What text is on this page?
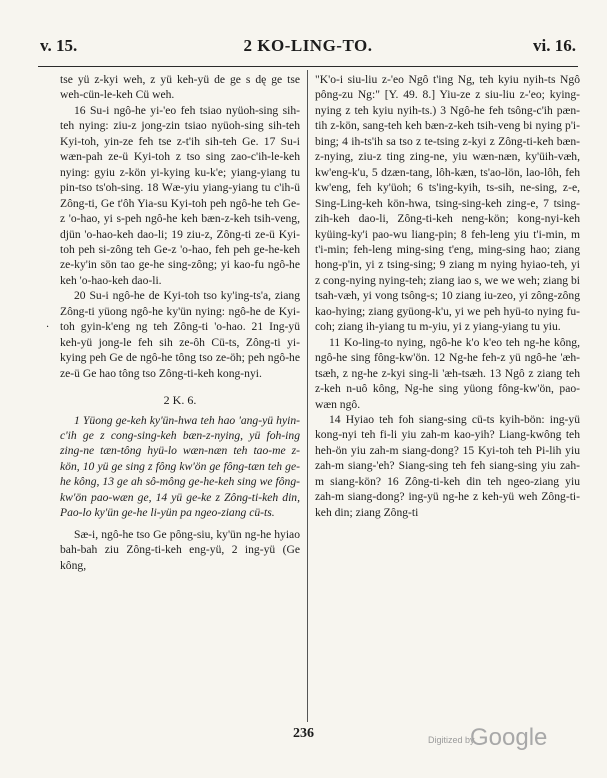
v. 15.	2 KO-LING-TO.	vi. 16.
·

tse yü z-kyi weh, z yü keh-yü de ge s dę ge tse weh-cün-le-keh Cü weh.

16 Su-i ngô-he yi-'eo feh tsiao nyüoh-sing sih-teh nying: ziu-z jong-zin tsiao nyüoh-sing sih-teh Kyi-toh, yin-ze feh tse z-t'ih sih-teh Ge. 17 Su-i wæn-pah ze-ü Kyi-toh z tso sing zao-c'ih-le-keh nying: gyiu z-kön yi-kying ku-k'e; yiang-yiang tu pin-tso ts'oh-sing. 18 Wæ-yiu yiang-yiang tu c'ih-ü Zông-ti, Ge t'ôh Yia-su Kyi-toh peh ngô-he teh Ge-z 'o-hao, yi s-peh ngô-he keh bæn-z-keh tsih-veng, djün 'o-hao-keh dao-li; 19 ziu-z, Zông-ti ze-ü Kyi-toh peh si-zông teh Ge-z 'o-hao, feh peh ge-he-keh ze-ky'in sön tao ge-he sing-zông; yi kao-fu ngô-he keh 'o-hao-keh dao-li.

20 Su-i ngô-he de Kyi-toh tso ky'ing-ts'a, ziang Zông-ti yüong ngô-he ky'ün nying: ngô-he de Kyi-toh gyin-k'eng ng teh Zông-ti 'o-hao. 21 Ing-yü keh-yü jong-le feh sih ze-ôh Cü-ts, Zông-ti yi-kying peh Ge de ngô-he tông tso ze-öh; peh ngô-he ze-ü Ge hao tông tso Zông-ti-keh kong-nyi.

2 K. 6.

1 Yüong ge-keh ky'ün-hwa teh hao 'ang-yü hyin-c'ih ge z cong-sing-keh bæn-z-nying, yü foh-ing zing-ne tæn-tông hyü-lo wæn-næn teh tao-me z-kön, 10 yü ge sing z fông kw'ön ge fông-tæn teh ge-he kông, 13 ge ah sô-mông ge-he-keh sing we fông-kw'ön pao-wæn ge, 14 yü ge-ke z Zông-ti-keh din, Pao-lo ky'ün ge-he li-yün pa ngeo-ziang cü-ts.

Sæ-i, ngô-he tso Ge pông-siu, ky'ün ng-he hyiao bah-bah ziu Zông-ti-keh eng-yü, 2 ing-yü (Ge kông,

"K'o-i siu-liu z-'eo Ngô t'ing Ng, teh kyiu nyih-ts Ngô pông-zu Ng:" [Y. 49. 8.] Yiu-ze z siu-liu z-'eo; kying-nying z teh kyiu nyih-ts.) 3 Ngô-he feh tsông-c'ih pæn-tih z-kön, sang-teh keh bæn-z-keh tsih-veng bi nying p'i-bing; 4 ih-ts'ih sa tso z te-tsing z-kyi z Zông-ti-keh bæn-z-nying, ziu-z ting zing-ne, yiu wæn-næn, ky'üih-væh, kw'eng-k'u, 5 dzæn-tang, lôh-kæn, ts'ao-lön, lao-lôh, feh kw'eng, feh ky'üoh; 6 ts'ing-kyih, ts-sih, ne-sing, z-e, Sing-Ling-keh kön-hwa, tsing-sing-keh zing-e, 7 tsing-zih-keh dao-li, Zông-ti-keh neng-kön; kong-nyi-keh kyüing-ky'i pao-wu liang-pin; 8 feh-leng yiu t'i-min, m t'i-min; feh-leng ming-sing t'eng, ming-sing hao; ziang hong-p'in, yi z tsing-sing; 9 ziang m nying hyiao-teh, yi z cong-nying nying-teh; ziang iao s, we we weh; ziang bi tsah-væh, yi vong tsông-s; 10 ziang iu-zeo, yi zông-zông kao-hying; ziang gyüong-k'u, yi we peh hyü-to nying fu-coh; ziang ih-yiang tu m-yiu, yi z yiang-yiang tu yiu.

11 Ko-ling-to nying, ngô-he k'o k'eo teh ng-he kông, ngô-he sing fông-kw'ön. 12 Ng-he feh-z yü ngô-he 'æh-tsæh, z ng-he z-kyi sing-li 'æh-tsæh. 13 Ngô z ziang teh z-keh n-uô kông, Ng-he sing yüong fông-kw'ön, pao-wæn ngô.

14 Hyiao teh foh siang-sing cü-ts kyih-bön: ing-yü kong-nyi teh fi-li yiu zah-m kao-yih? Liang-kwông teh heh-ön yiu zah-m siang-dong? 15 Kyi-toh teh Pi-lih yiu zah-m siang-'eh? Siang-sing teh feh siang-sing yiu zah-m siang-kön? 16 Zông-ti-keh din teh ngeo-ziang yiu zah-m siang-dong? ing-yü ng-he z keh-yü weh Zông-ti-keh din; ziang Zông-ti

236	Digitized by
Google
